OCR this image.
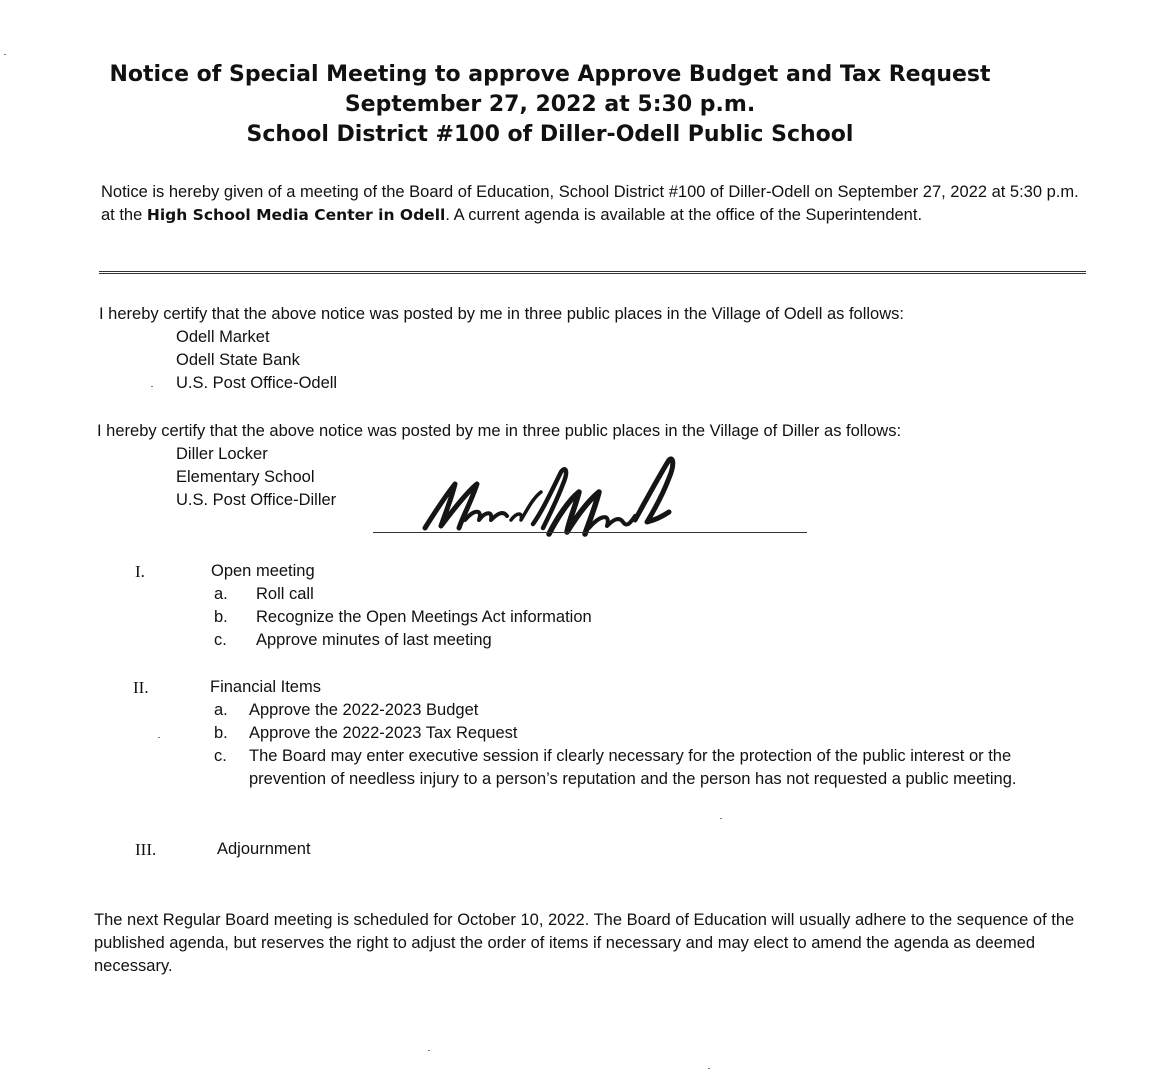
Notice of Special Meeting to approve Approve Budget and Tax Request
September 27, 2022 at 5:30 p.m.
School District #100 of Diller-Odell Public School
Notice is hereby given of a meeting of the Board of Education, School District #100 of Diller-Odell on September 27, 2022 at 5:30 p.m. at the High School Media Center in Odell. A current agenda is available at the office of the Superintendent.
I hereby certify that the above notice was posted by me in three public places in the Village of Odell as follows:
Odell Market
Odell State Bank
U.S. Post Office-Odell
I hereby certify that the above notice was posted by me in three public places in the Village of Diller as follows:
Diller Locker
Elementary School
U.S. Post Office-Diller
I.	Open meeting
a. Roll call
b. Recognize the Open Meetings Act information
c. Approve minutes of last meeting
II.	Financial Items
a. Approve the 2022-2023 Budget
b. Approve the 2022-2023 Tax Request
c. The Board may enter executive session if clearly necessary for the protection of the public interest or the prevention of needless injury to a person’s reputation and the person has not requested a public meeting.
III.	Adjournment
The next Regular Board meeting is scheduled for October 10, 2022. The Board of Education will usually adhere to the sequence of the published agenda, but reserves the right to adjust the order of items if necessary and may elect to amend the agenda as deemed necessary.
